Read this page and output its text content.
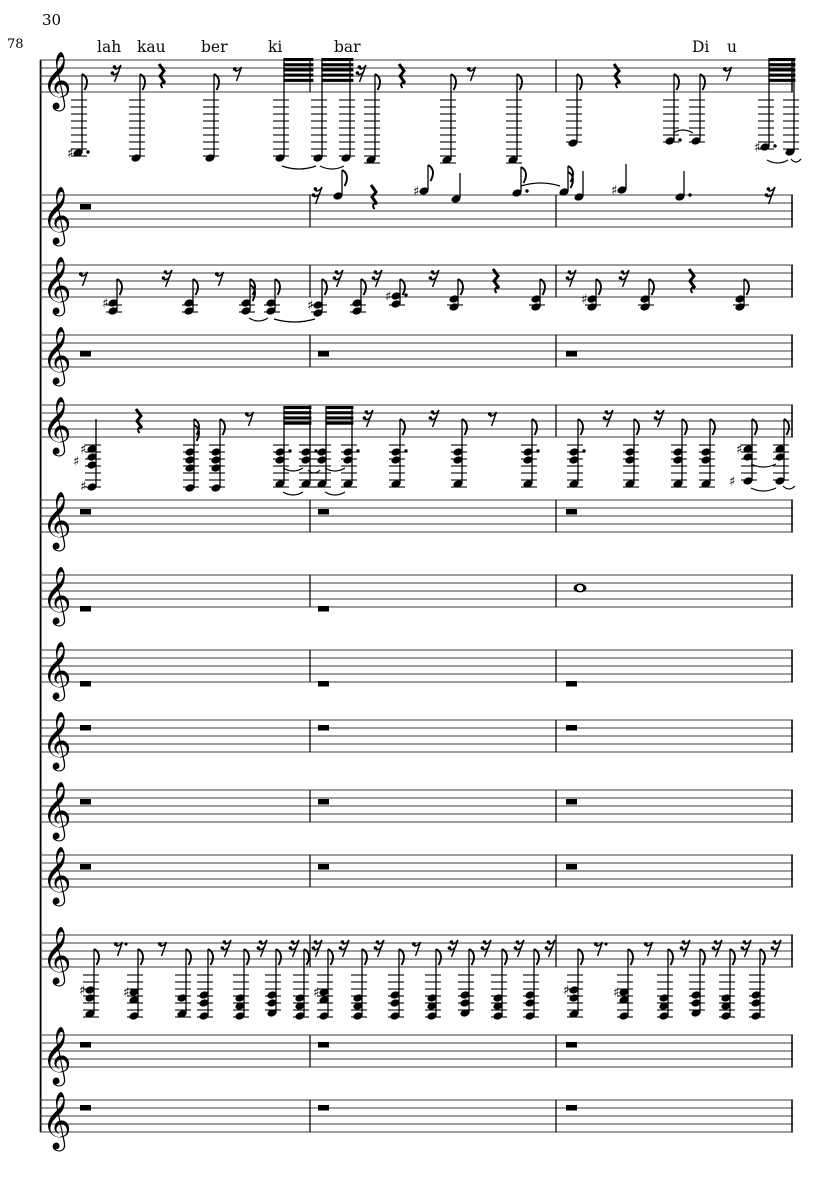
30
78	lah kau ber	ki	bar	Di u
𝄞
♯	♯
𝄞	♯	♯
𝄞 ♯	♯
♯	♯
𝄞
𝄞 ♯
♯
♯
♯
♯
𝄞
𝄞
𝄞
𝄞
𝄞
𝄞
𝄞
♯	♯	♯	♯	♯
𝄞
𝄞
